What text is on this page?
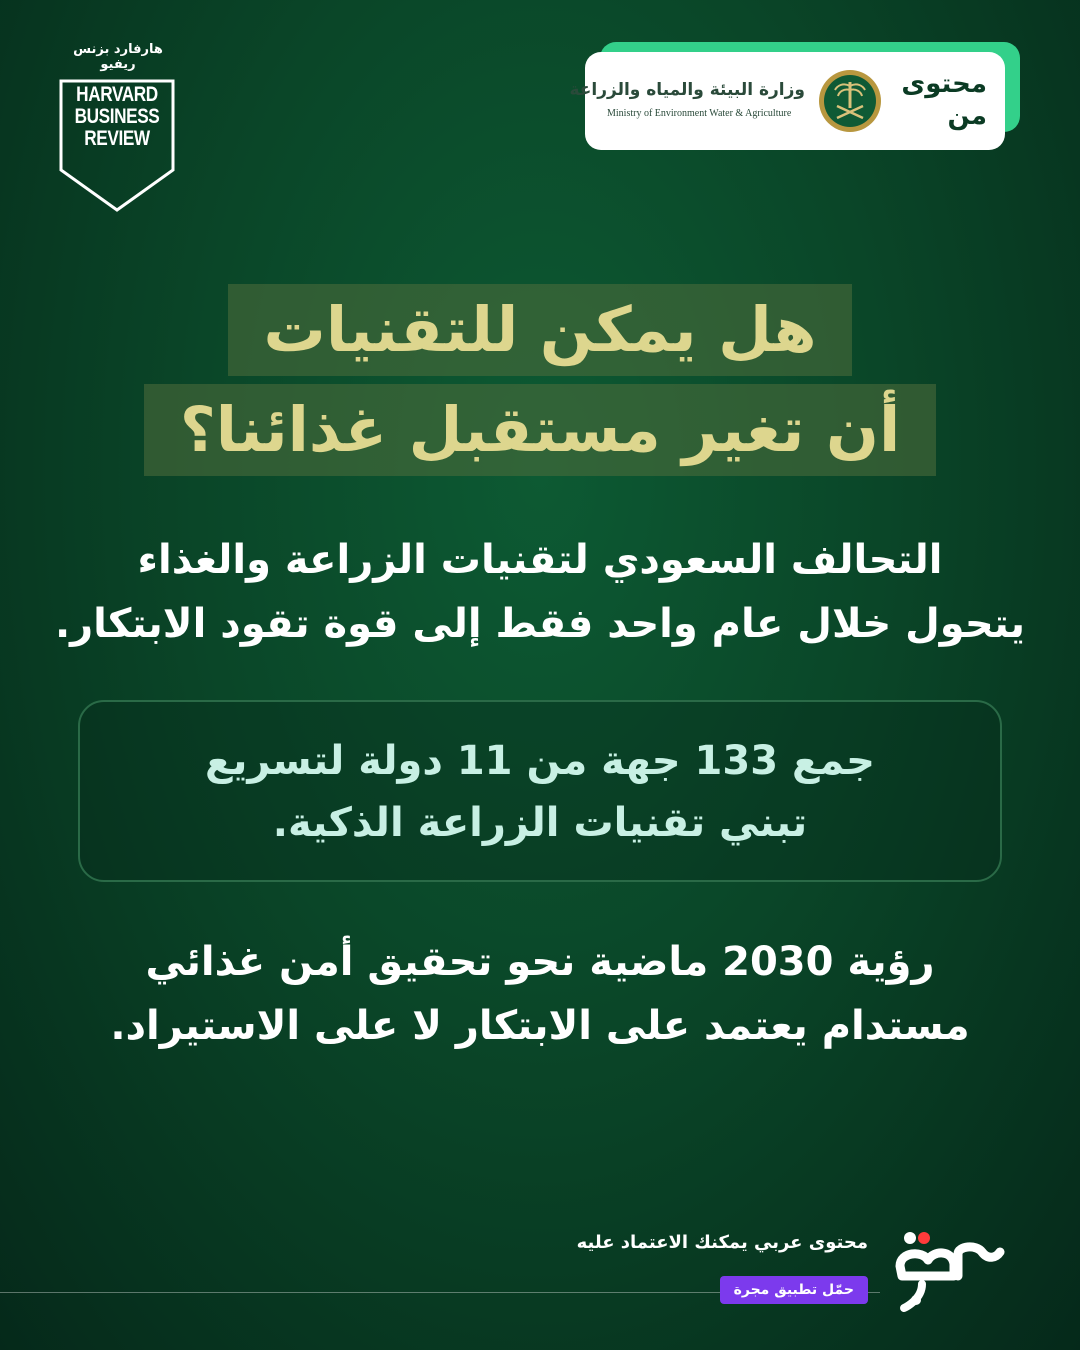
هارفارد بزنس ريفيو
HARVARD
BUSINESS
REVIEW
محتوى من
وزارة البيئة والمياه والزراعة
Ministry of Environment Water & Agriculture
هل يمكن للتقنيات
أن تغير مستقبل غذائنا؟
التحالف السعودي لتقنيات الزراعة والغذاء
يتحول خلال عام واحد فقط إلى قوة تقود الابتكار.
جمع 133 جهة من 11 دولة لتسريع
تبني تقنيات الزراعة الذكية.
رؤية 2030 ماضية نحو تحقيق أمن غذائي
مستدام يعتمد على الابتكار لا على الاستيراد.
محتوى عربي يمكنك الاعتماد عليه
حمّل تطبيق مجرة
